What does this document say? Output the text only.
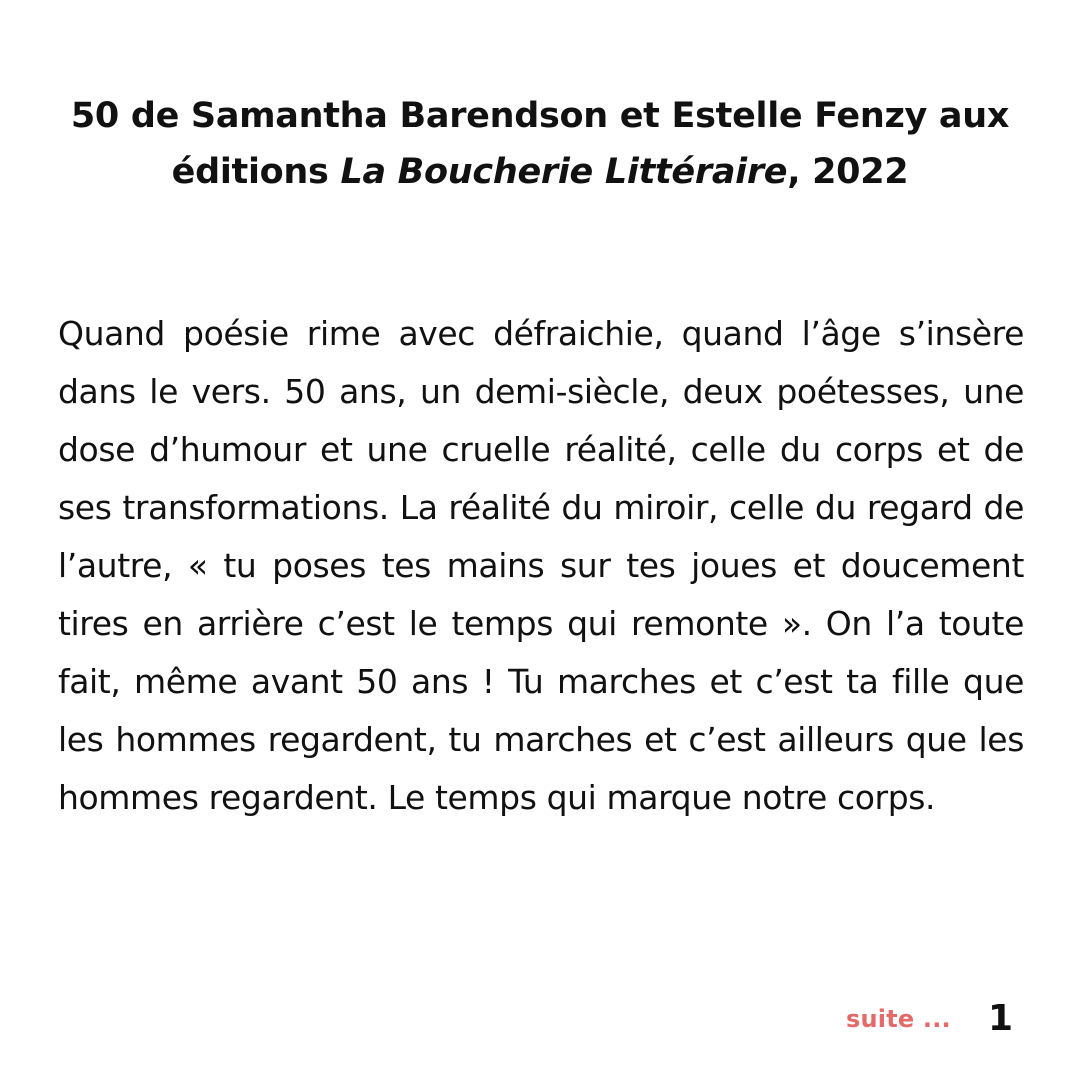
50 de Samantha Barendson et Estelle Fenzy aux éditions La Boucherie Littéraire, 2022

Quand poésie rime avec défraichie, quand l’âge s’insère dans le vers. 50 ans, un demi-siècle, deux poétesses, une dose d’humour et une cruelle réalité, celle du corps et de ses transformations. La réalité du miroir, celle du regard de l’autre, « tu poses tes mains sur tes joues et doucement tires en arrière c’est le temps qui remonte ». On l’a toute fait, même avant 50 ans ! Tu marches et c’est ta fille que les hommes regardent, tu marches et c’est ailleurs que les hommes regardent. Le temps qui marque notre corps.

suite ... 1
